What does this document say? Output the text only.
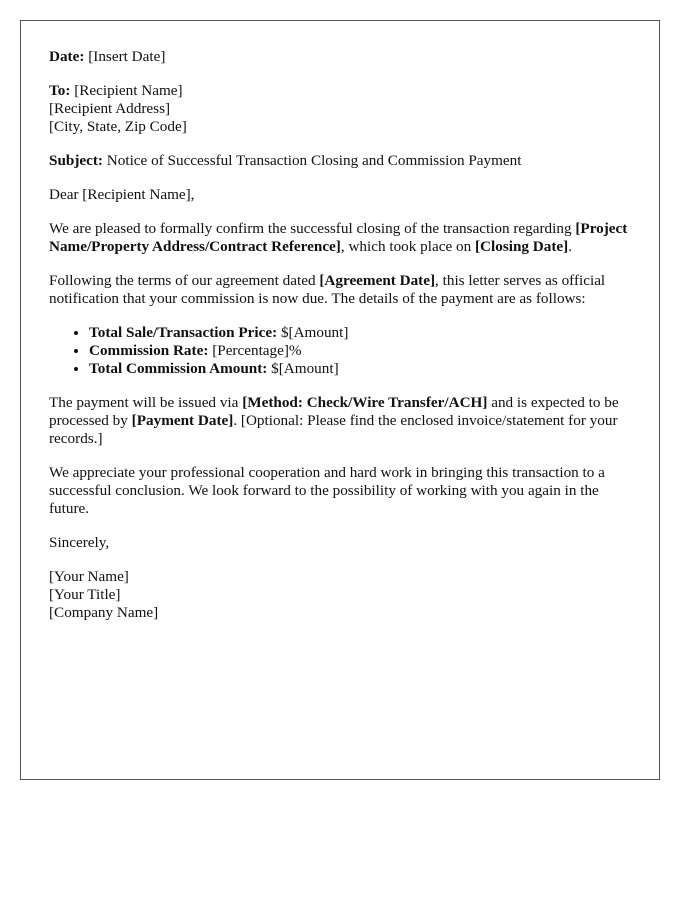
Date: [Insert Date]

To: [Recipient Name]
[Recipient Address]
[City, State, Zip Code]

Subject: Notice of Successful Transaction Closing and Commission Payment

Dear [Recipient Name],

We are pleased to formally confirm the successful closing of the transaction regarding [Project Name/Property Address/Contract Reference], which took place on [Closing Date].

Following the terms of our agreement dated [Agreement Date], this letter serves as official notification that your commission is now due. The details of the payment are as follows:

• Total Sale/Transaction Price: $[Amount]
• Commission Rate: [Percentage]%
• Total Commission Amount: $[Amount]

The payment will be issued via [Method: Check/Wire Transfer/ACH] and is expected to be processed by [Payment Date]. [Optional: Please find the enclosed invoice/statement for your records.]

We appreciate your professional cooperation and hard work in bringing this transaction to a successful conclusion. We look forward to the possibility of working with you again in the future.

Sincerely,

[Your Name]
[Your Title]
[Company Name]
